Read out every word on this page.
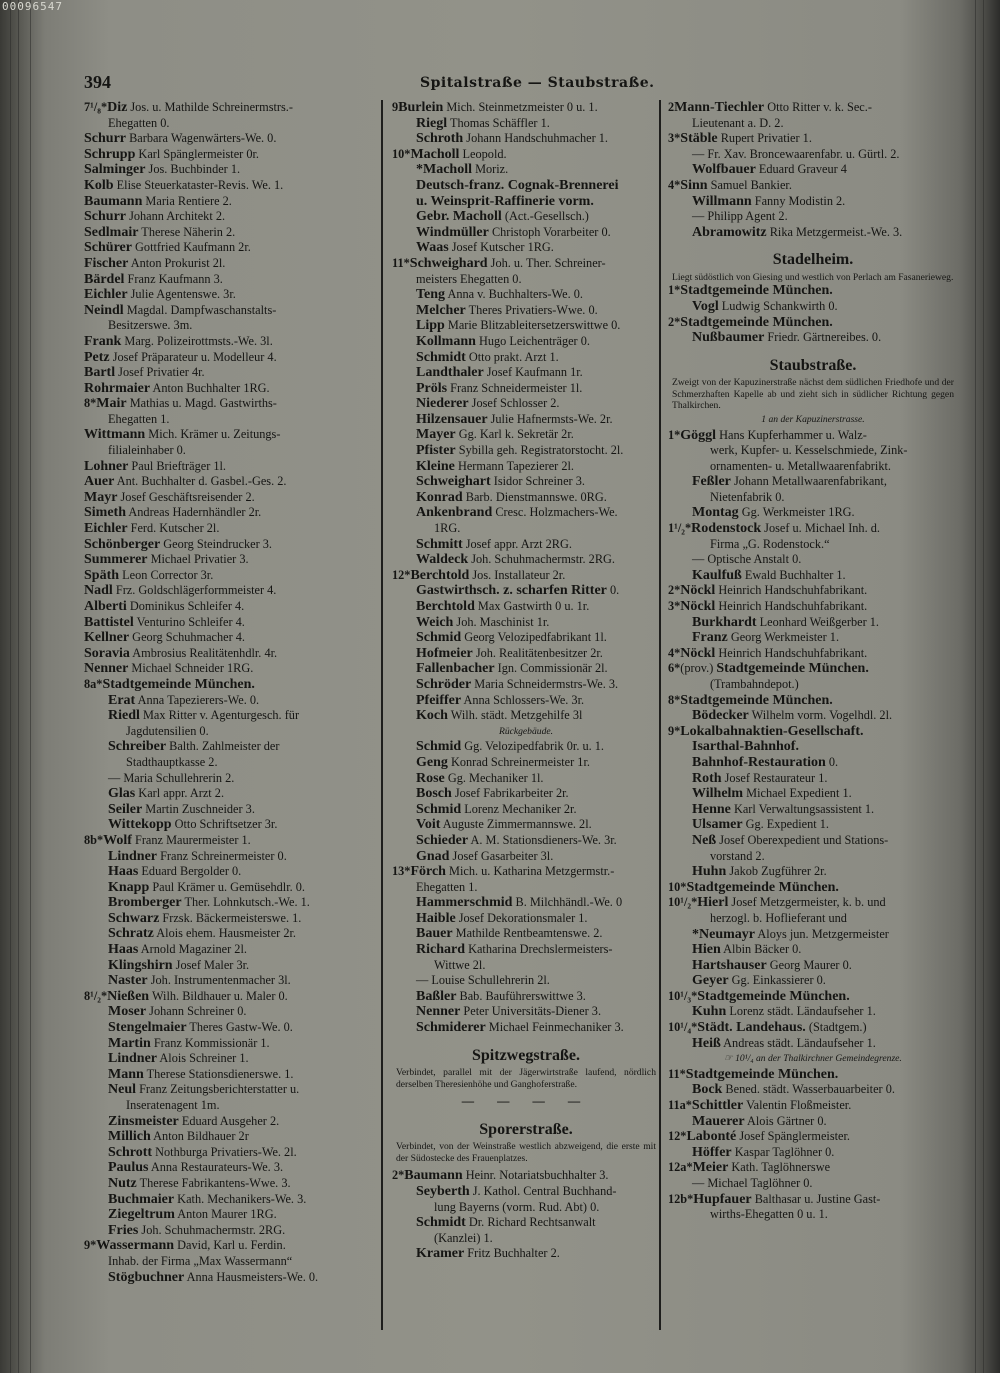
00096547
394	Spitalstraße — Staubstraße.
7¹/₈*Diz Jos. u. Mathilde Schreinermstrs.-
Ehegatten 0.
Schurr Barbara Wagenwärters-We. 0.
Schrupp Karl Spänglermeister 0r.
Salminger Jos. Buchbinder 1.
Kolb Elise Steuerkataster-Revis. We. 1.
Baumann Maria Rentiere 2.
Schurr Johann Architekt 2.
Sedlmair Therese Näherin 2.
Schürer Gottfried Kaufmann 2r.
Fischer Anton Prokurist 2l.
Bärdel Franz Kaufmann 3.
Eichler Julie Agentenswe. 3r.
Neindl Magdal. Dampfwaschanstalts-
Besitzerswe. 3m.
Frank Marg. Polizeirottmsts.-We. 3l.
Petz Josef Präparateur u. Modelleur 4.
Bartl Josef Privatier 4r.
Rohrmaier Anton Buchhalter 1RG.
8*Mair Mathias u. Magd. Gastwirths-
Ehegatten 1.
Wittmann Mich. Krämer u. Zeitungs-
filialeinhaber 0.
Lohner Paul Briefträger 1l.
Auer Ant. Buchhalter d. Gasbel.-Ges. 2.
Mayr Josef Geschäftsreisender 2.
Simeth Andreas Hadernhändler 2r.
Eichler Ferd. Kutscher 2l.
Schönberger Georg Steindrucker 3.
Summerer Michael Privatier 3.
Späth Leon Corrector 3r.
Nadl Frz. Goldschlägerformmeister 4.
Alberti Dominikus Schleifer 4.
Battistel Venturino Schleifer 4.
Kellner Georg Schuhmacher 4.
Soravia Ambrosius Realitätenhdlr. 4r.
Nenner Michael Schneider 1RG.
8a*Stadtgemeinde München.
Erat Anna Tapezierers-We. 0.
Riedl Max Ritter v. Agenturgesch. für
Jagdutensilien 0.
Schreiber Balth. Zahlmeister der
Stadthauptkasse 2.
— Maria Schullehrerin 2.
Glas Karl appr. Arzt 2.
Seiler Martin Zuschneider 3.
Wittekopp Otto Schriftsetzer 3r.
8b*Wolf Franz Maurermeister 1.
Lindner Franz Schreinermeister 0.
Haas Eduard Bergolder 0.
Knapp Paul Krämer u. Gemüsehdlr. 0.
Bromberger Ther. Lohnkutsch.-We. 1.
Schwarz Frzsk. Bäckermeisterswe. 1.
Schratz Alois ehem. Hausmeister 2r.
Haas Arnold Magaziner 2l.
Klingshirn Josef Maler 3r.
Naster Joh. Instrumentenmacher 3l.
8¹/₂*Nießen Wilh. Bildhauer u. Maler 0.
Moser Johann Schreiner 0.
Stengelmaier Theres Gastw-We. 0.
Martin Franz Kommissionär 1.
Lindner Alois Schreiner 1.
Mann Therese Stationsdienerswe. 1.
Neul Franz Zeitungsberichterstatter u.
Inseratenagent 1m.
Zinsmeister Eduard Ausgeher 2.
Millich Anton Bildhauer 2r
Schrott Nothburga Privatiers-We. 2l.
Paulus Anna Restaurateurs-We. 3.
Nutz Therese Fabrikantens-Wwe. 3.
Buchmaier Kath. Mechanikers-We. 3.
Ziegeltrum Anton Maurer 1RG.
Fries Joh. Schuhmachermstr. 2RG.
9*Wassermann David, Karl u. Ferdin.
Inhab. der Firma „Max Wassermann“
Stögbuchner Anna Hausmeisters-We. 0.
9Burlein Mich. Steinmetzmeister 0 u. 1.
Riegl Thomas Schäffler 1.
Schroth Johann Handschuhmacher 1.
10*Macholl Leopold.
*Macholl Moriz.
Deutsch-franz. Cognak-Brennerei
u. Weinsprit-Raffinerie vorm.
Gebr. Macholl (Act.-Gesellsch.)
Windmüller Christoph Vorarbeiter 0.
Waas Josef Kutscher 1RG.
11*Schweighard Joh. u. Ther. Schreiner-
meisters Ehegatten 0.
Teng Anna v. Buchhalters-We. 0.
Melcher Theres Privatiers-Wwe. 0.
Lipp Marie Blitzableitersetzerswittwe 0.
Kollmann Hugo Leichenträger 0.
Schmidt Otto prakt. Arzt 1.
Landthaler Josef Kaufmann 1r.
Pröls Franz Schneidermeister 1l.
Niederer Josef Schlosser 2.
Hilzensauer Julie Hafnermsts-We. 2r.
Mayer Gg. Karl k. Sekretär 2r.
Pfister Sybilla geh. Registratorstocht. 2l.
Kleine Hermann Tapezierer 2l.
Schweighart Isidor Schreiner 3.
Konrad Barb. Dienstmannswe. 0RG.
Ankenbrand Cresc. Holzmachers-We.
1RG.
Schmitt Josef appr. Arzt 2RG.
Waldeck Joh. Schuhmachermstr. 2RG.
12*Berchtold Jos. Installateur 2r.
Gastwirthsch. z. scharfen Ritter 0.
Berchtold Max Gastwirth 0 u. 1r.
Weich Joh. Maschinist 1r.
Schmid Georg Velozipedfabrikant 1l.
Hofmeier Joh. Realitätenbesitzer 2r.
Fallenbacher Ign. Commissionär 2l.
Schröder Maria Schneidermstrs-We. 3.
Pfeiffer Anna Schlossers-We. 3r.
Koch Wilh. städt. Metzgehilfe 3l
Rückgebäude.
Schmid Gg. Velozipedfabrik 0r. u. 1.
Geng Konrad Schreinermeister 1r.
Rose Gg. Mechaniker 1l.
Bosch Josef Fabrikarbeiter 2r.
Schmid Lorenz Mechaniker 2r.
Voit Auguste Zimmermannswe. 2l.
Schieder A. M. Stationsdieners-We. 3r.
Gnad Josef Gasarbeiter 3l.
13*Förch Mich. u. Katharina Metzgermstr.-
Ehegatten 1.
Hammerschmid B. Milchhändl.-We. 0
Haible Josef Dekorationsmaler 1.
Bauer Mathilde Rentbeamtenswe. 2.
Richard Katharina Drechslermeisters-
Wittwe 2l.
— Louise Schullehrerin 2l.
Baßler Bab. Bauführerswittwe 3.
Nenner Peter Universitäts-Diener 3.
Schmiderer Michael Feinmechaniker 3.
Spitzwegstraße.
Verbindet, parallel mit der Jägerwirtstraße laufend, nördlich derselben Theresienhöhe und Ganghoferstraße.
— — — —
Sporerstraße.
Verbindet, von der Weinstraße westlich abzweigend, die erste mit der Südostecke des Frauenplatzes.
2*Baumann Heinr. Notariatsbuchhalter 3.
Seyberth J. Kathol. Central Buchhand-
lung Bayerns (vorm. Rud. Abt) 0.
Schmidt Dr. Richard Rechtsanwalt
(Kanzlei) 1.
Kramer Fritz Buchhalter 2.
2Mann-Tiechler Otto Ritter v. k. Sec.-
Lieutenant a. D. 2.
3*Stäble Rupert Privatier 1.
— Fr. Xav. Broncewaarenfabr. u. Gürtl. 2.
Wolfbauer Eduard Graveur 4
4*Sinn Samuel Bankier.
Willmann Fanny Modistin 2.
— Philipp Agent 2.
Abramowitz Rika Metzgermeist.-We. 3.
Stadelheim.
Liegt südöstlich von Giesing und westlich von Perlach am Fasanerieweg.
1*Stadtgemeinde München.
Vogl Ludwig Schankwirth 0.
2*Stadtgemeinde München.
Nußbaumer Friedr. Gärtnereibes. 0.
Staubstraße.
Zweigt von der Kapuzinerstraße nächst dem südlichen Friedhofe und der Schmerzhaften Kapelle ab und zieht sich in südlicher Richtung gegen Thalkirchen.
1 an der Kapuzinerstrasse.
1*Göggl Hans Kupferhammer u. Walz-
werk, Kupfer- u. Kesselschmiede, Zink-
ornamenten- u. Metallwaarenfabrikt.
Feßler Johann Metallwaarenfabrikant,
Nietenfabrik 0.
Montag Gg. Werkmeister 1RG.
1¹/₂*Rodenstock Josef u. Michael Inh. d.
Firma „G. Rodenstock.“
— Optische Anstalt 0.
Kaulfuß Ewald Buchhalter 1.
2*Nöckl Heinrich Handschuhfabrikant.
3*Nöckl Heinrich Handschuhfabrikant.
Burkhardt Leonhard Weißgerber 1.
Franz Georg Werkmeister 1.
4*Nöckl Heinrich Handschuhfabrikant.
6*(prov.) Stadtgemeinde München.
(Trambahndepot.)
8*Stadtgemeinde München.
Bödecker Wilhelm vorm. Vogelhdl. 2l.
9*Lokalbahnaktien-Gesellschaft.
Isarthal-Bahnhof.
Bahnhof-Restauration 0.
Roth Josef Restaurateur 1.
Wilhelm Michael Expedient 1.
Henne Karl Verwaltungsassistent 1.
Ulsamer Gg. Expedient 1.
Neß Josef Oberexpedient und Stations-
vorstand 2.
Huhn Jakob Zugführer 2r.
10*Stadtgemeinde München.
10¹/₂*Hierl Josef Metzgermeister, k. b. und
herzogl. b. Hoflieferant und
*Neumayr Aloys jun. Metzgermeister
Hien Albin Bäcker 0.
Hartshauser Georg Maurer 0.
Geyer Gg. Einkassierer 0.
10¹/₃*Stadtgemeinde München.
Kuhn Lorenz städt. Ländaufseher 1.
10¹/₄*Städt. Landehaus. (Stadtgem.)
Heiß Andreas städt. Ländaufseher 1.
☞ 10¹/₄ an der Thalkirchner Gemeindegrenze.
11*Stadtgemeinde München.
Bock Bened. städt. Wasserbauarbeiter 0.
11a*Schittler Valentin Floßmeister.
Mauerer Alois Gärtner 0.
12*Labonté Josef Spänglermeister.
Höffer Kaspar Taglöhner 0.
12a*Meier Kath. Taglöhnerswe
— Michael Taglöhner 0.
12b*Hupfauer Balthasar u. Justine Gast-
wirths-Ehegatten 0 u. 1.
